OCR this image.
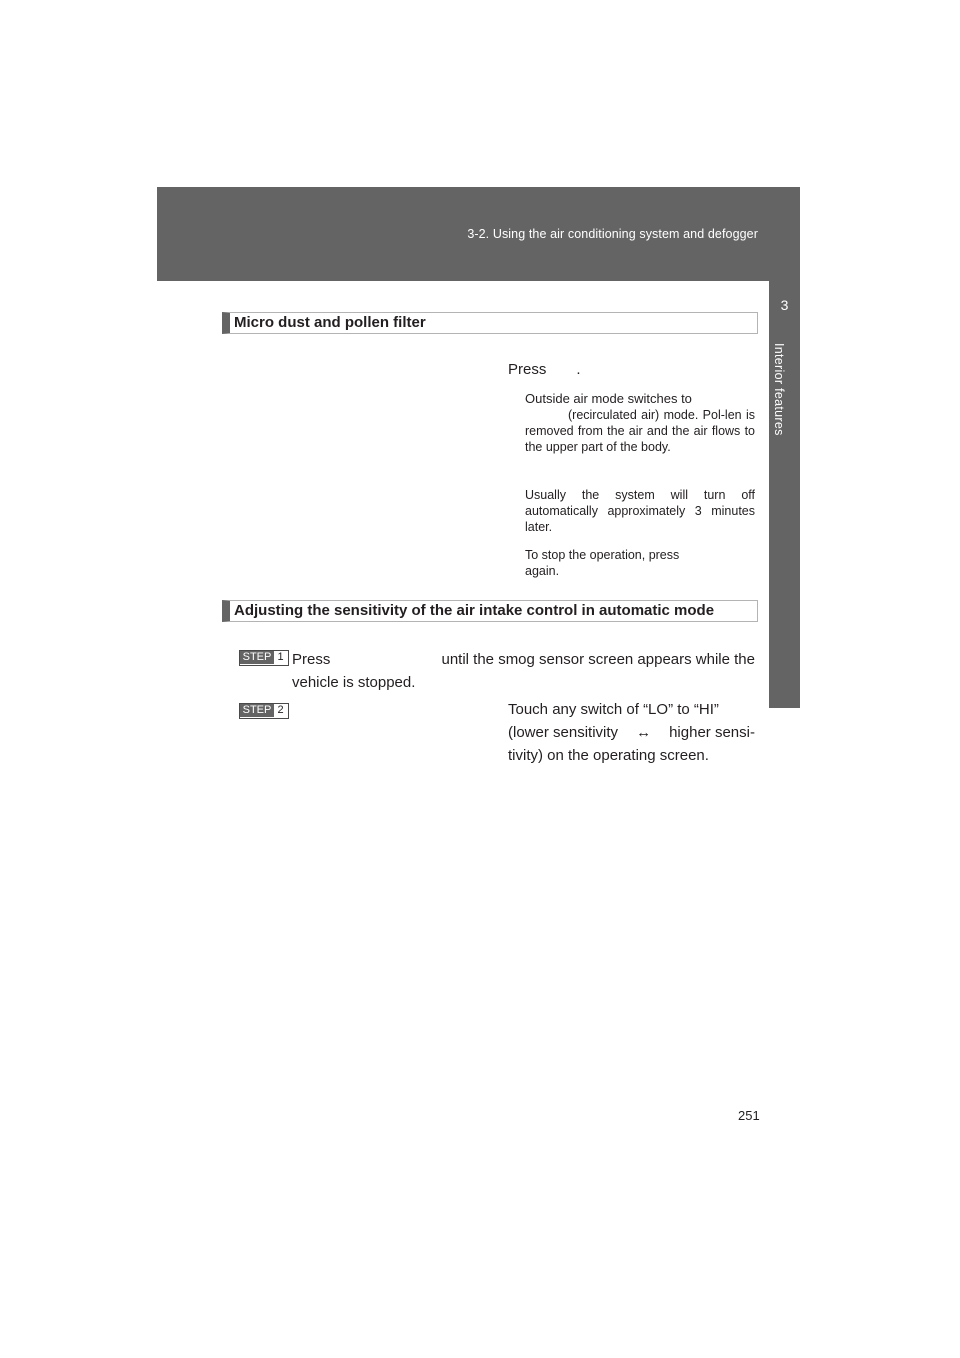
3-2. Using the air conditioning system and defogger
3
Interior features
Micro dust and pollen filter
Press .
Outside air mode switches to
(recirculated air) mode. Pol-len is removed from the air and the air flows to the upper part of the body.
Usually the system will turn off automatically approximately 3 minutes later.
To stop the operation, press
again.
Adjusting the sensitivity of the air intake control in automatic mode
STEP 1 Press	until the smog sensor screen appears while the
vehicle is stopped.
STEP 2	Touch any switch of “LO” to “HI”
(lower sensitivity ↔ higher sensi-
tivity) on the operating screen.
251
